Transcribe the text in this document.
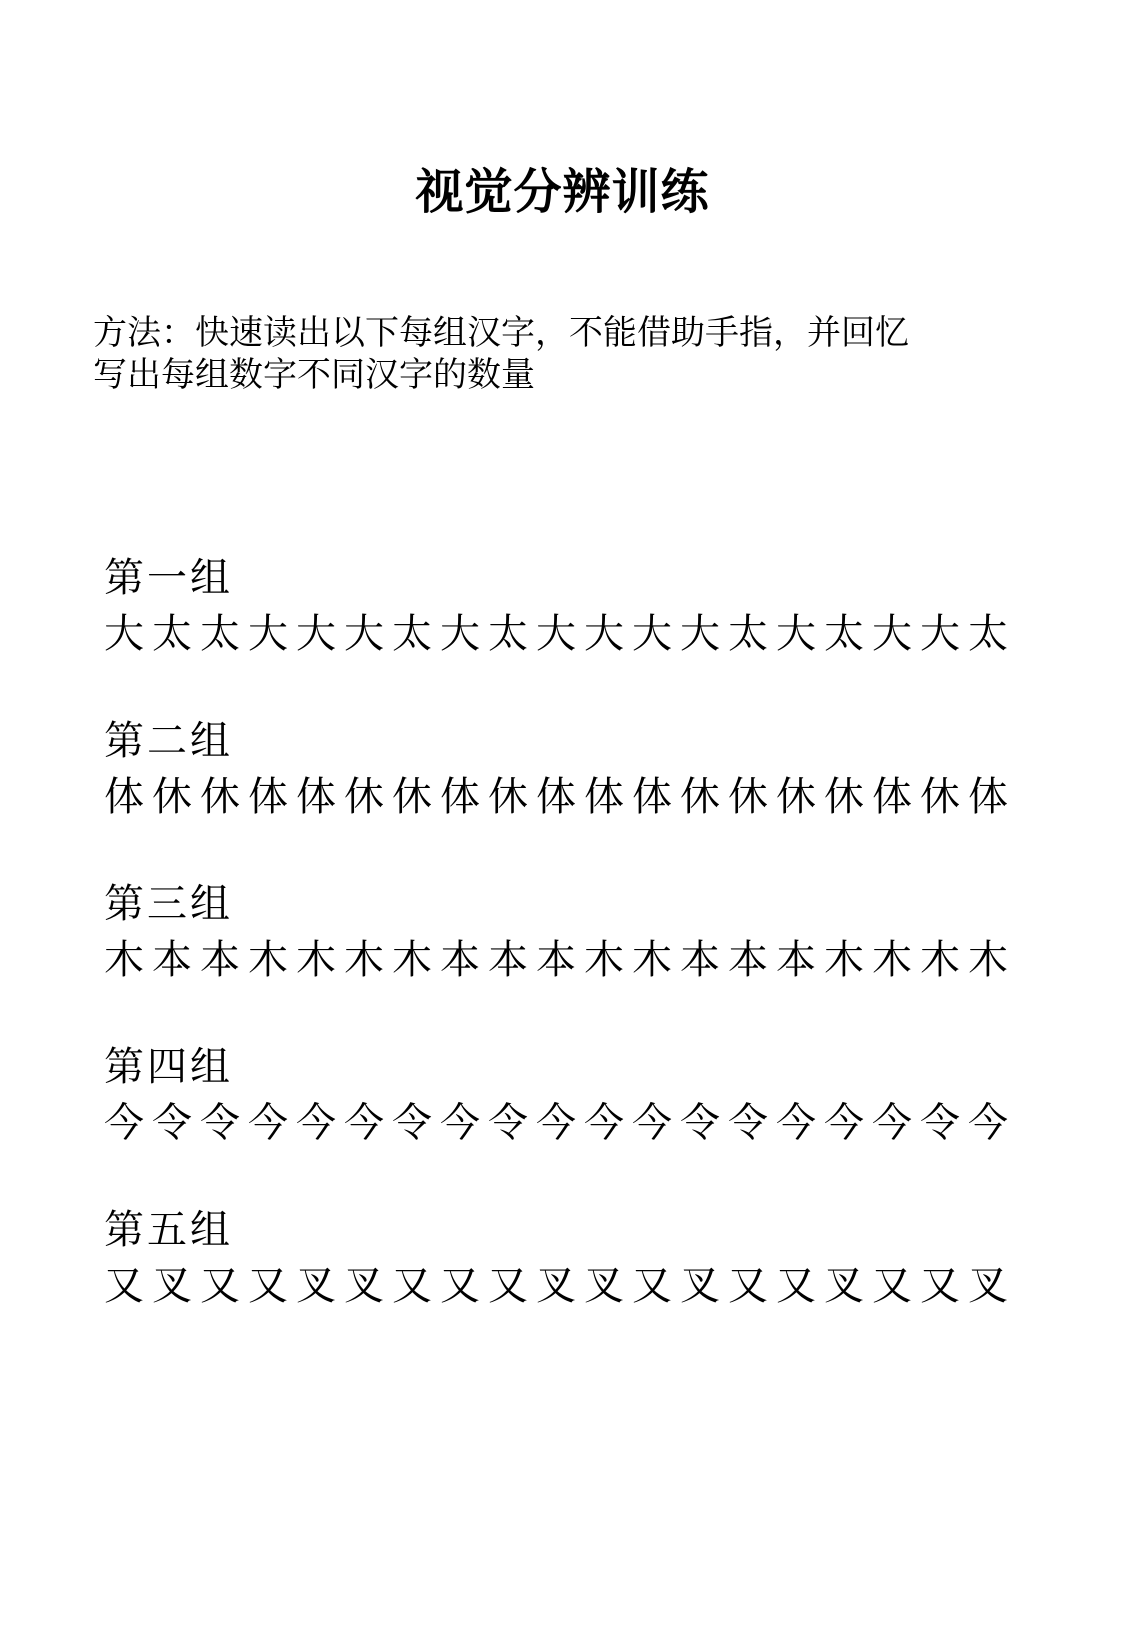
视觉分辨训练
方法：快速读出以下每组汉字，不能借助手指，并回忆
写出每组数字不同汉字的数量
第一组
大太太大大大太大太大大大大太大太大大太
第二组
体休休体体休休体休体体体休休休休体休体
第三组
木本本木木木木本本本木木本本本木木木木
第四组
今令令今今今令今令今今今令令今今今令今
第五组
又叉又又叉叉又又又叉叉又叉又又叉又又叉
